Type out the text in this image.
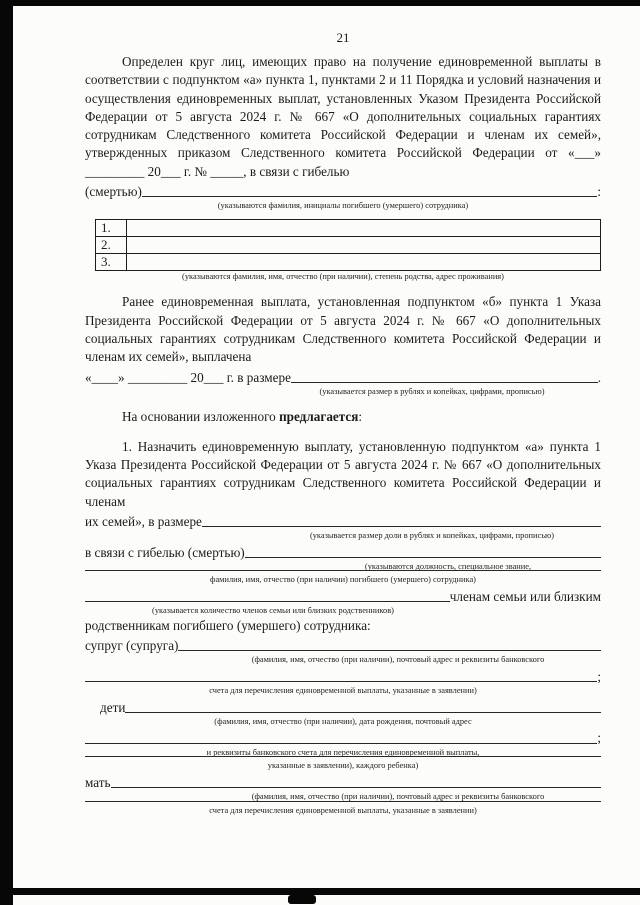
21

Определен круг лиц, имеющих право на получение единовременной выплаты в соответствии с подпунктом «а» пункта 1, пунктами 2 и 11 Порядка и условий назначения и осуществления единовременных выплат, установленных Указом Президента Российской Федерации от 5 августа 2024 г. № 667 «О дополнительных социальных гарантиях сотрудникам Следственного комитета Российской Федерации и членам их семей», утвержденных приказом Следственного комитета Российской Федерации от «___» _________ 20___ г. № _____, в связи с гибелью

(смертью)	:
(указываются фамилия, инициалы погибшего (умершего) сотрудника)
1.	
2.	
3.	
(указываются фамилия, имя, отчество (при наличии), степень родства, адрес проживания)

Ранее единовременная выплата, установленная подпунктом «б» пункта 1 Указа Президента Российской Федерации от 5 августа 2024 г. № 667 «О дополнительных социальных гарантиях сотрудникам Следственного комитета Российской Федерации и членам их семей», выплачена

«____» _________ 20___ г. в размере	.
(указывается размер в рублях и копейках, цифрами, прописью)

На основании изложенного предлагается:

1. Назначить единовременную выплату, установленную подпунктом «а» пункта 1 Указа Президента Российской Федерации от 5 августа 2024 г. № 667 «О дополнительных социальных гарантиях сотрудникам Следственного комитета Российской Федерации и членам

их семей», в размере
(указывается размер доли в рублях и копейках, цифрами, прописью)
в связи с гибелью (смертью)
(указываются должность, специальное звание,
фамилия, имя, отчество (при наличии) погибшего (умершего) сотрудника)
членам семьи или близким
(указывается количество членов семьи или близких родственников)

родственникам погибшего (умершего) сотрудника:

супруг (супруга)
(фамилия, имя, отчество (при наличии), почтовый адрес и реквизиты банковского
;
счета для перечисления единовременной выплаты, указанные в заявлении)
дети
(фамилия, имя, отчество (при наличии), дата рождения, почтовый адрес
;
и реквизиты банковского счета для перечисления единовременной выплаты,
указанные в заявлении), каждого ребенка)
мать
(фамилия, имя, отчество (при наличии), почтовый адрес и реквизиты банковского
счета для перечисления единовременной выплаты, указанные в заявлении)
